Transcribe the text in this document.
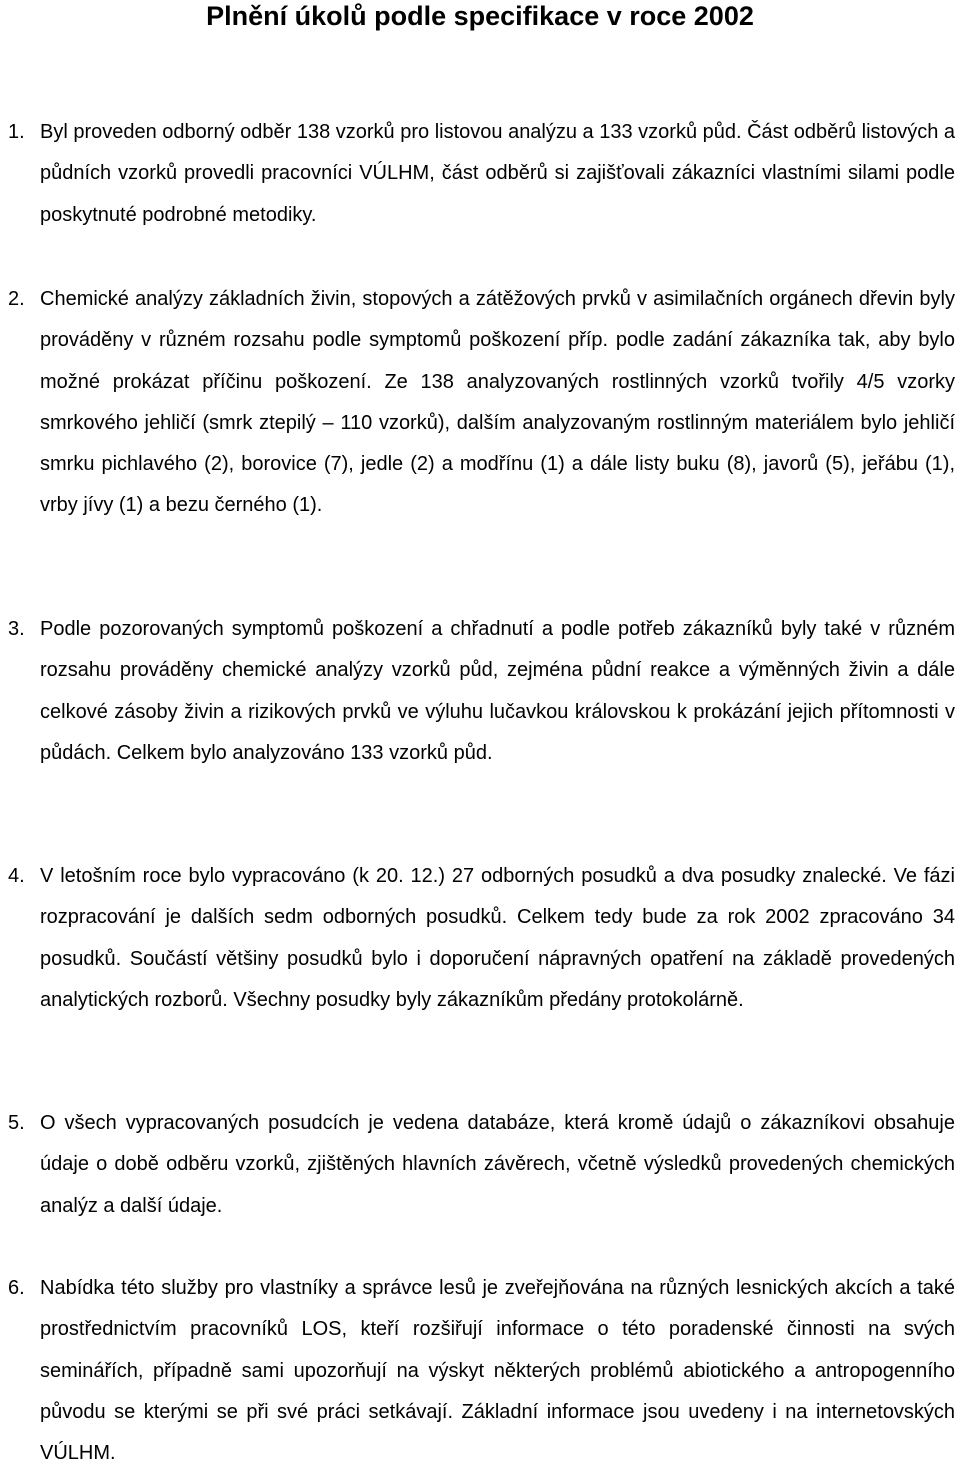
Plnění úkolů podle specifikace v roce 2002
1. Byl proveden odborný odběr 138 vzorků pro listovou analýzu a 133 vzorků půd. Část odběrů listových a půdních vzorků provedli pracovníci VÚLHM, část odběrů si zajišťovali zákazníci vlastními silami podle poskytnuté podrobné metodiky.
2. Chemické analýzy základních živin, stopových a zátěžových prvků v asimilačních orgánech dřevin byly prováděny v různém rozsahu podle symptomů poškození příp. podle zadání zákazníka tak, aby bylo možné prokázat příčinu poškození. Ze 138 analyzovaných rostlinných vzorků tvořily 4/5 vzorky smrkového jehličí (smrk ztepilý – 110 vzorků), dalším analyzovaným rostlinným materiálem bylo jehličí smrku pichlavého (2), borovice (7), jedle (2) a modřínu (1) a dále listy buku (8), javorů (5), jeřábu (1), vrby jívy (1) a bezu černého (1).
3. Podle pozorovaných symptomů poškození a chřadnutí a podle potřeb zákazníků byly také v různém rozsahu prováděny chemické analýzy vzorků půd, zejména půdní reakce a výměnných živin a dále celkové zásoby živin a rizikových prvků ve výluhu lučavkou královskou k prokázání jejich přítomnosti v půdách. Celkem bylo analyzováno 133 vzorků půd.
4. V letošním roce bylo vypracováno (k 20. 12.) 27 odborných posudků a dva posudky znalecké. Ve fázi rozpracování je dalších sedm odborných posudků. Celkem tedy bude za rok 2002 zpracováno 34 posudků. Součástí většiny posudků bylo i doporučení nápravných opatření na základě provedených analytických rozborů. Všechny posudky byly zákazníkům předány protokolárně.
5. O všech vypracovaných posudcích je vedena databáze, která kromě údajů o zákazníkovi obsahuje údaje o době odběru vzorků, zjištěných hlavních závěrech, včetně výsledků provedených chemických analýz a další údaje.
6. Nabídka této služby pro vlastníky a správce lesů je zveřejňována na různých lesnických akcích a také prostřednictvím pracovníků LOS, kteří rozšiřují informace o této poradenské činnosti na svých seminářích, případně sami upozorňují na výskyt některých problémů abiotického a antropogenního původu se kterými se při své práci setkávají. Základní informace jsou uvedeny i na internetovských VÚLHM.
